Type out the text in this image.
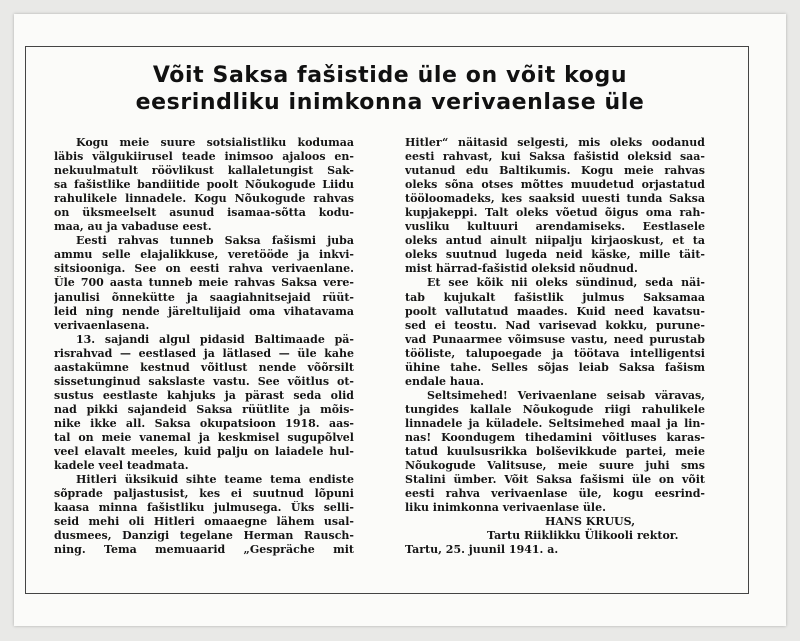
Võit Saksa fašistide üle on võit kogu
eesrindliku inimkonna verivaenlase üle
Kogu meie suure sotsialistliku kodumaa
läbis välgukiirusel teade inimsoo ajaloos en-
nekuulmatult röövlikust kallaletungist Sak-
sa fašistlike bandiitide poolt Nõukogude Liidu
rahulikele linnadele. Kogu Nõukogude rahvas
on üksmeelselt asunud isamaa-sõtta kodu-
maa, au ja vabaduse eest.
Eesti rahvas tunneb Saksa fašismi juba
ammu selle elajalikkuse, veretööde ja inkvi-
sitsiooniga. See on eesti rahva verivaenlane.
Üle 700 aasta tunneb meie rahvas Saksa vere-
janulisi õnnekütte ja saagiahnitsejaid rüüt-
leid ning nende järeltulijaid oma vihatavama
verivaenlasena.
13. sajandi algul pidasid Baltimaade pä-
risrahvad — eestlased ja lätlased — üle kahe
aastakümne kestnud võitlust nende võõrsilt
sissetunginud sakslaste vastu. See võitlus ot-
sustus eestlaste kahjuks ja pärast seda olid
nad pikki sajandeid Saksa rüütlite ja mõis-
nike ikke all. Saksa okupatsioon 1918. aas-
tal on meie vanemal ja keskmisel sugupõlvel
veel elavalt meeles, kuid palju on laiadele hul-
kadele veel teadmata.
Hitleri üksikuid sihte teame tema endiste
sõprade paljastusist, kes ei suutnud lõpuni
kaasa minna fašistliku julmusega. Üks selli-
seid mehi oli Hitleri omaaegne lähem usal-
dusmees, Danzigi tegelane Herman Rausch-
ning. Tema memuaarid „Gespräche mit
Hitler“ näitasid selgesti, mis oleks oodanud
eesti rahvast, kui Saksa fašistid oleksid saa-
vutanud edu Baltikumis. Kogu meie rahvas
oleks sõna otses mõttes muudetud orjastatud
tööloomadeks, kes saaksid uuesti tunda Saksa
kupjakeppi. Talt oleks võetud õigus oma rah-
vusliku kultuuri arendamiseks. Eestlasele
oleks antud ainult niipalju kirjaoskust, et ta
oleks suutnud lugeda neid käske, mille täit-
mist härrad-fašistid oleksid nõudnud.
Et see kõik nii oleks sündinud, seda näi-
tab kujukalt fašistlik julmus Saksamaa
poolt vallutatud maades. Kuid need kavatsu-
sed ei teostu. Nad varisevad kokku, purune-
vad Punaarmee võimsuse vastu, need purustab
tööliste, talupoegade ja töötava intelligentsi
ühine tahe. Selles sõjas leiab Saksa fašism
endale haua.
Seltsimehed! Verivaenlane seisab väravas,
tungides kallale Nõukogude riigi rahulikele
linnadele ja küladele. Seltsimehed maal ja lin-
nas! Koondugem tihedamini võitluses karas-
tatud kuulsusrikka bolševikkude partei, meie
Nõukogude Valitsuse, meie suure juhi sms
Stalini ümber. Võit Saksa fašismi üle on võit
eesti rahva verivaenlase üle, kogu eesrind-
liku inimkonna verivaenlase üle.
HANS KRUUS,
Tartu Riiklikku Ülikooli rektor.
Tartu, 25. juunil 1941. a.
